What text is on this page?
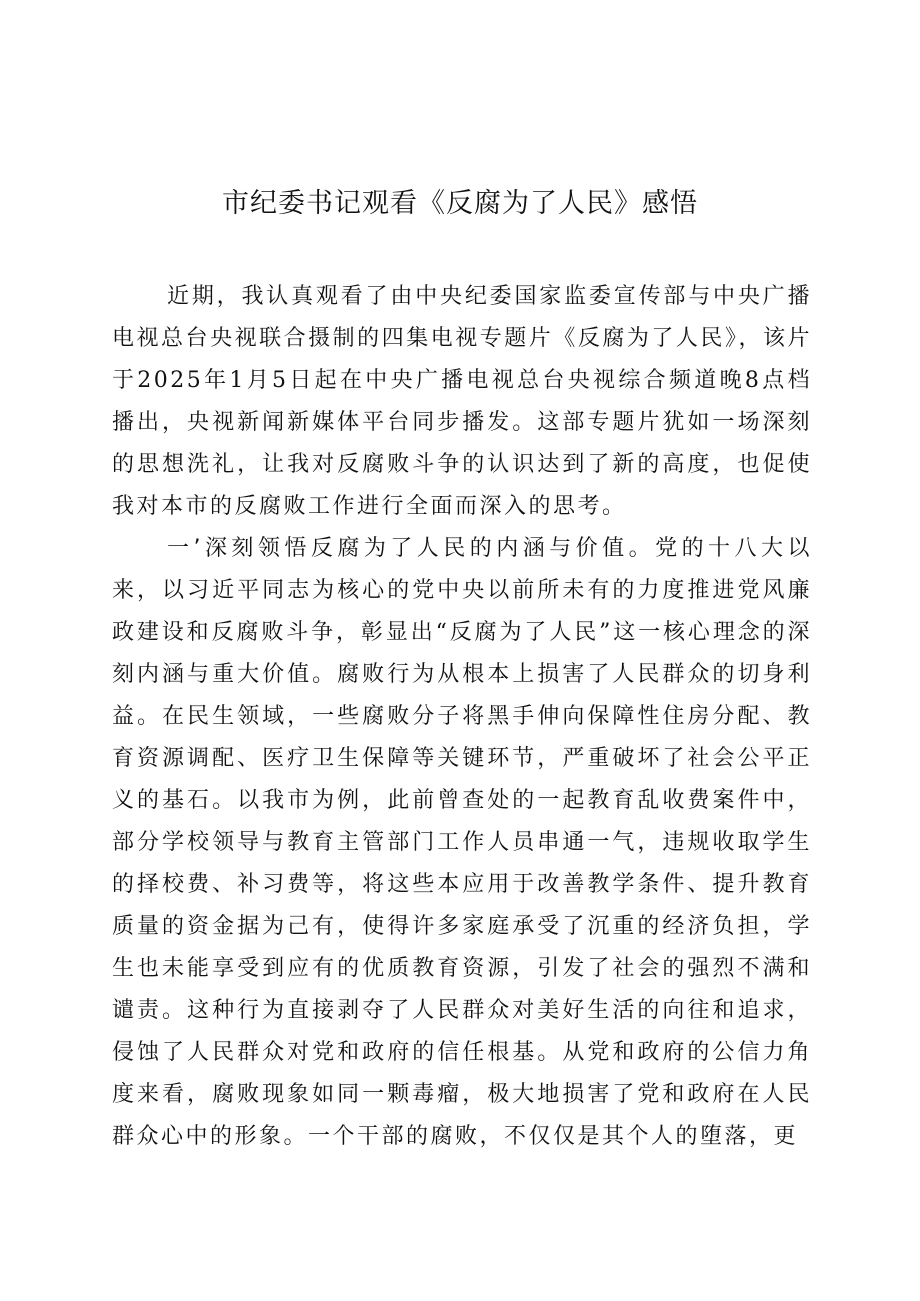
市纪委书记观看《反腐为了人民》感悟

近期，我认真观看了由中央纪委国家监委宣传部与中央广播电视总台央视联合摄制的四集电视专题片《反腐为了人民》，该片于2025年1月5日起在中央广播电视总台央视综合频道晚8点档播出，央视新闻新媒体平台同步播发。这部专题片犹如一场深刻的思想洗礼，让我对反腐败斗争的认识达到了新的高度，也促使我对本市的反腐败工作进行全面而深入的思考。

一’深刻领悟反腐为了人民的内涵与价值。党的十八大以来，以习近平同志为核心的党中央以前所未有的力度推进党风廉政建设和反腐败斗争，彰显出“反腐为了人民”这一核心理念的深刻内涵与重大价值。腐败行为从根本上损害了人民群众的切身利益。在民生领域，一些腐败分子将黑手伸向保障性住房分配、教育资源调配、医疗卫生保障等关键环节，严重破坏了社会公平正义的基石。以我市为例，此前曾查处的一起教育乱收费案件中，部分学校领导与教育主管部门工作人员串通一气，违规收取学生的择校费、补习费等，将这些本应用于改善教学条件、提升教育质量的资金据为己有，使得许多家庭承受了沉重的经济负担，学生也未能享受到应有的优质教育资源，引发了社会的强烈不满和谴责。这种行为直接剥夺了人民群众对美好生活的向往和追求，侵蚀了人民群众对党和政府的信任根基。从党和政府的公信力角度来看，腐败现象如同一颗毒瘤，极大地损害了党和政府在人民群众心中的形象。一个干部的腐败，不仅仅是其个人的堕落，更
